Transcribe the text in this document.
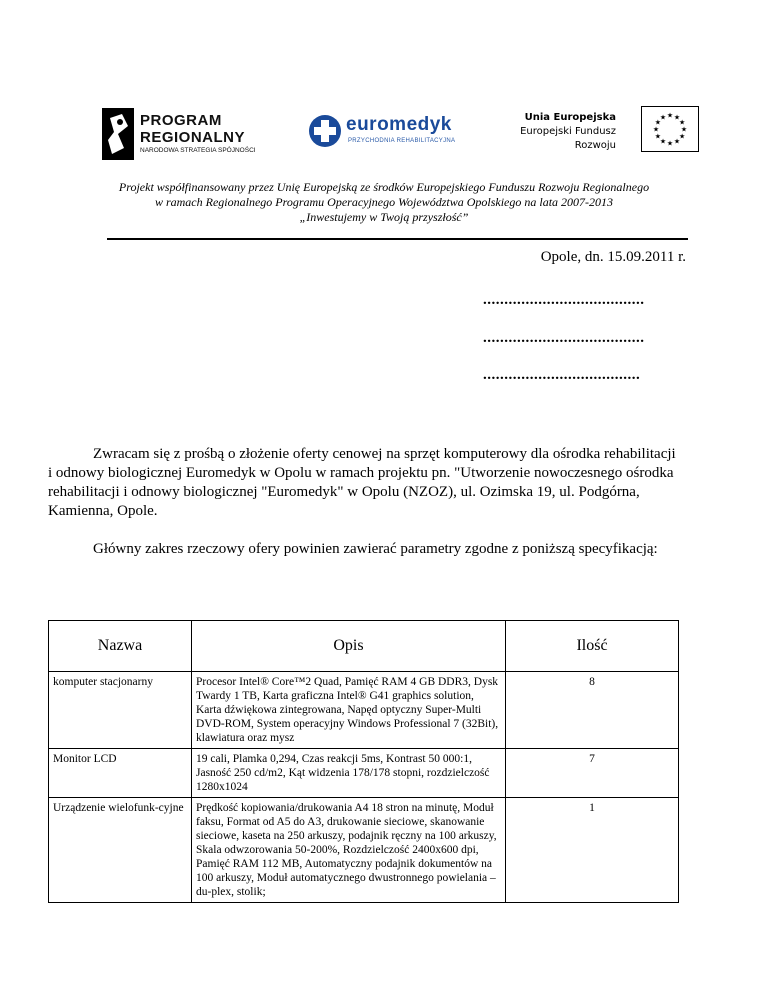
PROGRAM
REGIONALNY
NARODOWA STRATEGIA SPÓJNOŚCI
euromedyk
PRZYCHODNIA REHABILITACYJNA
Unia Europejska
Europejski Fundusz
Rozwoju
★ ★
★
★
★
★
★
★
★
★
★
★
Projekt współfinansowany przez Unię Europejską ze środków Europejskiego Funduszu Rozwoju Regionalnego
w ramach Regionalnego Programu Operacyjnego Województwa Opolskiego na lata 2007-2013
„Inwestujemy w Twoją przyszłość”
Opole, dn. 15.09.2011 r.
......................................
......................................
.....................................

Zwracam się z prośbą o złożenie oferty cenowej na sprzęt komputerowy dla ośrodka rehabilitacji i odnowy biologicznej Euromedyk w Opolu w ramach projektu pn. "Utworzenie nowoczesnego ośrodka rehabilitacji i odnowy biologicznej "Euromedyk" w Opolu (NZOZ), ul. Ozimska 19, ul. Podgórna, Kamienna, Opole.

Główny zakres rzeczowy ofery powinien zawierać parametry zgodne z poniższą specyfikacją:

Nazwa	Opis	Ilość
komputer stacjonarny	Procesor Intel® Core™2 Quad, Pamięć RAM 4 GB DDR3, Dysk Twardy 1 TB, Karta graficzna Intel® G41 graphics solution, Karta dźwiękowa zintegrowana, Napęd optyczny Super-Multi DVD-ROM, System operacyjny Windows Professional 7 (32Bit), klawiatura oraz mysz	8
Monitor LCD	19 cali, Plamka 0,294, Czas reakcji 5ms, Kontrast 50 000:1, Jasność 250 cd/m2, Kąt widzenia 178/178 stopni, rozdzielczość 1280x1024	7
Urządzenie wielofunk-cyjne	Prędkość kopiowania/drukowania A4 18 stron na minutę, Moduł faksu, Format od A5 do A3, drukowanie sieciowe, skanowanie sieciowe, kaseta na 250 arkuszy, podajnik ręczny na 100 arkuszy, Skala odwzorowania 50-200%, Rozdzielczość 2400x600 dpi, Pamięć RAM 112 MB, Automatyczny podajnik dokumentów na 100 arkuszy, Moduł automatycznego dwustronnego powielania – du-plex, stolik;	1
